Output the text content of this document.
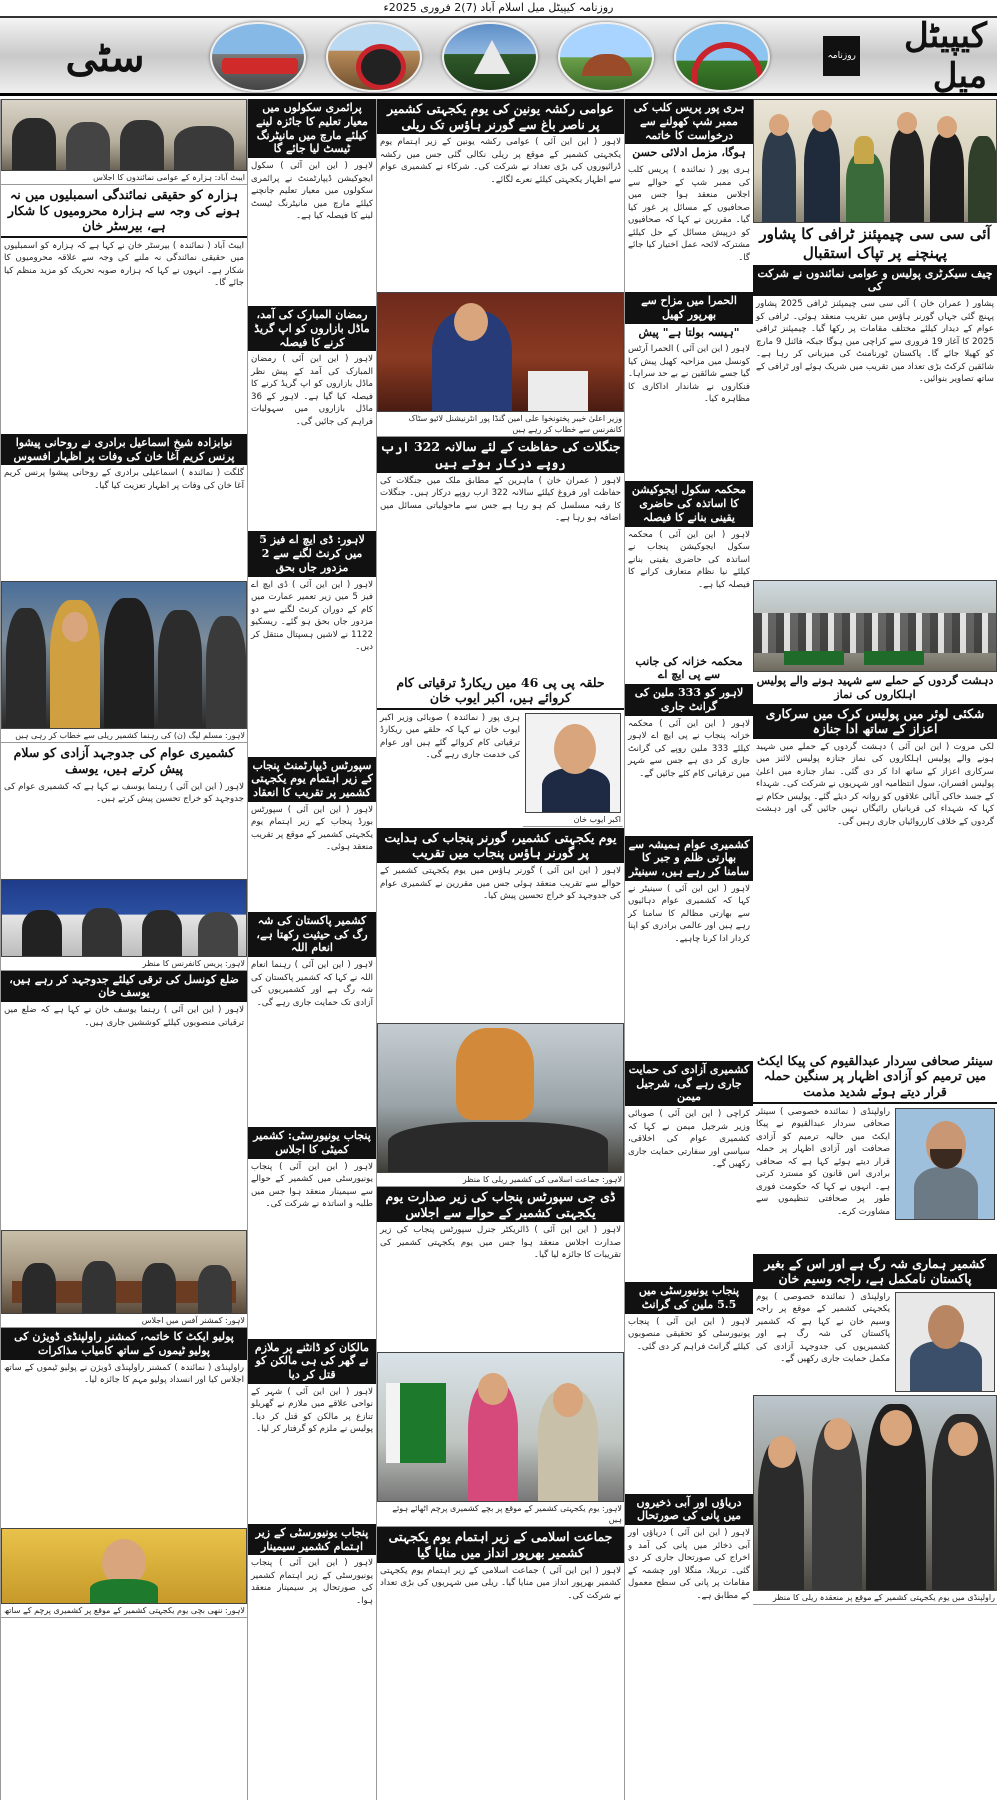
روزنامہ کیپیٹل میل اسلام آباد (7)2 فروری 2025ء
کیپیٹل میل
روزنامہ
سٹی
آئی سی سی چیمپئنز ٹرافی کا پشاور پہنچنے پر تپاک استقبال
چیف سیکرٹری پولیس و عوامی نمائندوں نے شرکت کی
پشاور ( عمران خان ) آئی سی سی چیمپئنز ٹرافی 2025 پشاور پہنچ گئی جہاں گورنر ہاؤس میں تقریب منعقد ہوئی۔ ٹرافی کو عوام کے دیدار کیلئے مختلف مقامات پر رکھا گیا۔ چیمپئنز ٹرافی 2025 کا آغاز 19 فروری سے کراچی میں ہوگا جبکہ فائنل 9 مارچ کو کھیلا جائے گا۔ پاکستان ٹورنامنٹ کی میزبانی کر رہا ہے۔ شائقین کرکٹ بڑی تعداد میں تقریب میں شریک ہوئے اور ٹرافی کے ساتھ تصاویر بنوائیں۔
دہشت گردوں کے حملے سے شہید ہونے والے پولیس اہلکاروں کی نماز
شکئی لوئر میں پولیس کرک میں سرکاری اعزاز کے ساتھ ادا جنازہ
لکی مروت ( این این آئی ) دہشت گردوں کے حملے میں شہید ہونے والے پولیس اہلکاروں کی نماز جنازہ پولیس لائنز میں سرکاری اعزاز کے ساتھ ادا کر دی گئی۔ نماز جنازہ میں اعلیٰ پولیس افسران، سول انتظامیہ اور شہریوں نے شرکت کی۔ شہداء کے جسد خاکی آبائی علاقوں کو روانہ کر دیئے گئے۔ پولیس حکام نے کہا کہ شہداء کی قربانیاں رائیگاں نہیں جائیں گی اور دہشت گردوں کے خلاف کارروائیاں جاری رہیں گی۔
سینئر صحافی سردار عبدالقیوم کی پیکا ایکٹ میں ترمیم کو آزادی اظہار پر سنگین حملہ قرار دیتے ہوئے شدید مذمت
راولپنڈی ( نمائندہ خصوصی ) سینئر صحافی سردار عبدالقیوم نے پیکا ایکٹ میں حالیہ ترمیم کو آزادی صحافت اور آزادی اظہار پر حملہ قرار دیتے ہوئے کہا ہے کہ صحافی برادری اس قانون کو مسترد کرتی ہے۔ انہوں نے کہا کہ حکومت فوری طور پر صحافتی تنظیموں سے مشاورت کرے۔
کشمیر ہماری شہ رگ ہے اور اس کے بغیر پاکستان نامکمل ہے، راجہ وسیم خان
راولپنڈی ( نمائندہ خصوصی ) یوم یکجہتی کشمیر کے موقع پر راجہ وسیم خان نے کہا ہے کہ کشمیر پاکستان کی شہ رگ ہے اور کشمیریوں کی جدوجہد آزادی کی مکمل حمایت جاری رکھیں گے۔
راولپنڈی میں یوم یکجہتی کشمیر کے موقع پر منعقدہ ریلی کا منظر
ہری پور پریس کلب کی ممبر شپ کھولنے سے درخواست کا خاتمہ
ہوگا، مزمل ادلائی حسن
ہری پور ( نمائندہ ) پریس کلب کی ممبر شپ کے حوالے سے اجلاس منعقد ہوا جس میں صحافیوں کے مسائل پر غور کیا گیا۔ مقررین نے کہا کہ صحافیوں کو درپیش مسائل کے حل کیلئے مشترکہ لائحہ عمل اختیار کیا جائے گا۔
الحمرا میں مزاح سے بھرپور کھیل
"ہیسہ بولتا ہے" پیش
لاہور ( این این آئی ) الحمرا آرٹس کونسل میں مزاحیہ کھیل پیش کیا گیا جسے شائقین نے بے حد سراہا۔ فنکاروں نے شاندار اداکاری کا مظاہرہ کیا۔
محکمہ سکول ایجوکیشن کا اساتذہ کی حاضری یقینی بنانے کا فیصلہ
لاہور ( این این آئی ) محکمہ سکول ایجوکیشن پنجاب نے اساتذہ کی حاضری یقینی بنانے کیلئے نیا نظام متعارف کرانے کا فیصلہ کیا ہے۔
محکمہ خزانہ کی جانب سے پی ایچ اے
لاہور کو 333 ملین کی گرانٹ جاری
لاہور ( این این آئی ) محکمہ خزانہ پنجاب نے پی ایچ اے لاہور کیلئے 333 ملین روپے کی گرانٹ جاری کر دی ہے جس سے شہر میں ترقیاتی کام کئے جائیں گے۔
کشمیری عوام ہمیشہ سے بھارتی ظلم و جبر کا سامنا کر رہے ہیں، سینیٹر
لاہور ( این این آئی ) سینیٹر نے کہا کہ کشمیری عوام دہائیوں سے بھارتی مظالم کا سامنا کر رہے ہیں اور عالمی برادری کو اپنا کردار ادا کرنا چاہیے۔
کشمیری آزادی کی حمایت جاری رہے گی، شرجیل میمن
کراچی ( این این آئی ) صوبائی وزیر شرجیل میمن نے کہا کہ کشمیری عوام کی اخلاقی، سیاسی اور سفارتی حمایت جاری رکھیں گے۔
پنجاب یونیورسٹی میں 5.5 ملین کی گرانٹ
لاہور ( این این آئی ) پنجاب یونیورسٹی کو تحقیقی منصوبوں کیلئے گرانٹ فراہم کر دی گئی۔
دریاؤں اور آبی ذخیروں میں پانی کی صورتحال
لاہور ( این این آئی ) دریاؤں اور آبی ذخائر میں پانی کی آمد و اخراج کی صورتحال جاری کر دی گئی۔ تربیلا، منگلا اور چشمہ کے مقامات پر پانی کی سطح معمول کے مطابق ہے۔
عوامی رکشہ یونین کی یوم یکجہتی کشمیر پر ناصر باغ سے گورنر ہاؤس تک ریلی
لاہور ( این این آئی ) عوامی رکشہ یونین کے زیر اہتمام یوم یکجہتی کشمیر کے موقع پر ریلی نکالی گئی جس میں رکشہ ڈرائیوروں کی بڑی تعداد نے شرکت کی۔ شرکاء نے کشمیری عوام سے اظہار یکجہتی کیلئے نعرے لگائے۔
وزیر اعلیٰ خیبر پختونخوا علی امین گنڈا پور انٹرنیشنل لائیو سٹاک کانفرنس سے خطاب کر رہے ہیں
جنگلات کی حفاظت کے لئے سالانہ 322 ارب روپے درکار ہوتے ہیں
لاہور ( عمران خان ) ماہرین کے مطابق ملک میں جنگلات کی حفاظت اور فروغ کیلئے سالانہ 322 ارب روپے درکار ہیں۔ جنگلات کا رقبہ مسلسل کم ہو رہا ہے جس سے ماحولیاتی مسائل میں اضافہ ہو رہا ہے۔
حلقہ پی پی 46 میں ریکارڈ ترقیاتی کام کروائے ہیں، اکبر ایوب خان
ہری پور ( نمائندہ ) صوبائی وزیر اکبر ایوب خان نے کہا کہ حلقے میں ریکارڈ ترقیاتی کام کروائے گئے ہیں اور عوام کی خدمت جاری رہے گی۔
اکبر ایوب خان
یوم یکجہتی کشمیر، گورنر پنجاب کی ہدایت پر گورنر ہاؤس پنجاب میں تقریب
لاہور ( این این آئی ) گورنر ہاؤس میں یوم یکجہتی کشمیر کے حوالے سے تقریب منعقد ہوئی جس میں مقررین نے کشمیری عوام کی جدوجہد کو خراج تحسین پیش کیا۔
لاہور: جماعت اسلامی کی کشمیر ریلی کا منظر
ڈی جی سپورٹس پنجاب کی زیر صدارت یوم یکجہتی کشمیر کے حوالے سے اجلاس
لاہور ( این این آئی ) ڈائریکٹر جنرل سپورٹس پنجاب کی زیر صدارت اجلاس منعقد ہوا جس میں یوم یکجہتی کشمیر کی تقریبات کا جائزہ لیا گیا۔
لاہور: یوم یکجہتی کشمیر کے موقع پر بچے کشمیری پرچم اٹھائے ہوئے ہیں
جماعت اسلامی کے زیر اہتمام یوم یکجہتی کشمیر بھرپور انداز میں منایا گیا
لاہور ( این این آئی ) جماعت اسلامی کے زیر اہتمام یوم یکجہتی کشمیر بھرپور انداز میں منایا گیا۔ ریلی میں شہریوں کی بڑی تعداد نے شرکت کی۔
پرائمری سکولوں میں معیار تعلیم کا جائزہ لینے کیلئے مارچ میں مانیٹرنگ ٹیسٹ لیا جائے گا
لاہور ( این این آئی ) سکول ایجوکیشن ڈیپارٹمنٹ نے پرائمری سکولوں میں معیار تعلیم جانچنے کیلئے مارچ میں مانیٹرنگ ٹیسٹ لینے کا فیصلہ کیا ہے۔
رمضان المبارک کی آمد، ماڈل بازاروں کو اپ گریڈ کرنے کا فیصلہ
لاہور ( این این آئی ) رمضان المبارک کی آمد کے پیش نظر ماڈل بازاروں کو اپ گریڈ کرنے کا فیصلہ کیا گیا ہے۔ لاہور کے 36 ماڈل بازاروں میں سہولیات فراہم کی جائیں گی۔
لاہور: ڈی ایچ اے فیز 5 میں کرنٹ لگنے سے 2 مزدور جاں بحق
لاہور ( این این آئی ) ڈی ایچ اے فیز 5 میں زیر تعمیر عمارت میں کام کے دوران کرنٹ لگنے سے دو مزدور جاں بحق ہو گئے۔ ریسکیو 1122 نے لاشیں ہسپتال منتقل کر دیں۔
سپورٹس ڈیپارٹمنٹ پنجاب کے زیر اہتمام یوم یکجہتی کشمیر پر تقریب کا انعقاد
لاہور ( این این آئی ) سپورٹس بورڈ پنجاب کے زیر اہتمام یوم یکجہتی کشمیر کے موقع پر تقریب منعقد ہوئی۔
کشمیر پاکستان کی شہ رگ کی حیثیت رکھتا ہے، انعام اللہ
لاہور ( این این آئی ) رہنما انعام اللہ نے کہا کہ کشمیر پاکستان کی شہ رگ ہے اور کشمیریوں کی آزادی تک حمایت جاری رہے گی۔
پنجاب یونیورسٹی: کشمیر کمیٹی کا اجلاس
لاہور ( این این آئی ) پنجاب یونیورسٹی میں کشمیر کے حوالے سے سیمینار منعقد ہوا جس میں طلبہ و اساتذہ نے شرکت کی۔
مالکان کو ڈانٹنے پر ملازم نے گھر کی ہی مالکن کو قتل کر دیا
لاہور ( این این آئی ) شہر کے نواحی علاقے میں ملازم نے گھریلو تنازع پر مالکن کو قتل کر دیا۔ پولیس نے ملزم کو گرفتار کر لیا۔
پنجاب یونیورسٹی کے زیر اہتمام کشمیر سیمینار
لاہور ( این این آئی ) پنجاب یونیورسٹی کے زیر اہتمام کشمیر کی صورتحال پر سیمینار منعقد ہوا۔
ایبٹ آباد: ہزارہ کے عوامی نمائندوں کا اجلاس
ہزارہ کو حقیقی نمائندگی اسمبلیوں میں نہ ہونے کی وجہ سے ہزارہ محرومیوں کا شکار ہے، بیرسٹر خان
ایبٹ آباد ( نمائندہ ) بیرسٹر خان نے کہا ہے کہ ہزارہ کو اسمبلیوں میں حقیقی نمائندگی نہ ملنے کی وجہ سے علاقہ محرومیوں کا شکار ہے۔ انہوں نے کہا کہ ہزارہ صوبہ تحریک کو مزید منظم کیا جائے گا۔
نوابزادہ شیخ اسماعیل برادری نے روحانی پیشوا پرنس کریم آغا خان کی وفات پر اظہار افسوس
گلگت ( نمائندہ ) اسماعیلی برادری کے روحانی پیشوا پرنس کریم آغا خان کی وفات پر اظہار تعزیت کیا گیا۔
لاہور: مسلم لیگ (ن) کی رہنما کشمیر ریلی سے خطاب کر رہی ہیں
کشمیری عوام کی جدوجہد آزادی کو سلام پیش کرتے ہیں، یوسف
لاہور ( این این آئی ) رہنما یوسف نے کہا ہے کہ کشمیری عوام کی جدوجہد کو خراج تحسین پیش کرتے ہیں۔
لاہور: پریس کانفرنس کا منظر
ضلع کونسل کی ترقی کیلئے جدوجہد کر رہے ہیں، یوسف خان
لاہور ( این این آئی ) رہنما یوسف خان نے کہا ہے کہ ضلع میں ترقیاتی منصوبوں کیلئے کوششیں جاری ہیں۔
لاہور: کمشنر آفس میں اجلاس
پولیو ایکٹ کا خاتمہ، کمشنر راولپنڈی ڈویژن کی پولیو ٹیموں کے ساتھ کامیاب مذاکرات
راولپنڈی ( نمائندہ ) کمشنر راولپنڈی ڈویژن نے پولیو ٹیموں کے ساتھ اجلاس کیا اور انسداد پولیو مہم کا جائزہ لیا۔
لاہور: ننھی بچی یوم یکجہتی کشمیر کے موقع پر کشمیری پرچم کے ساتھ
